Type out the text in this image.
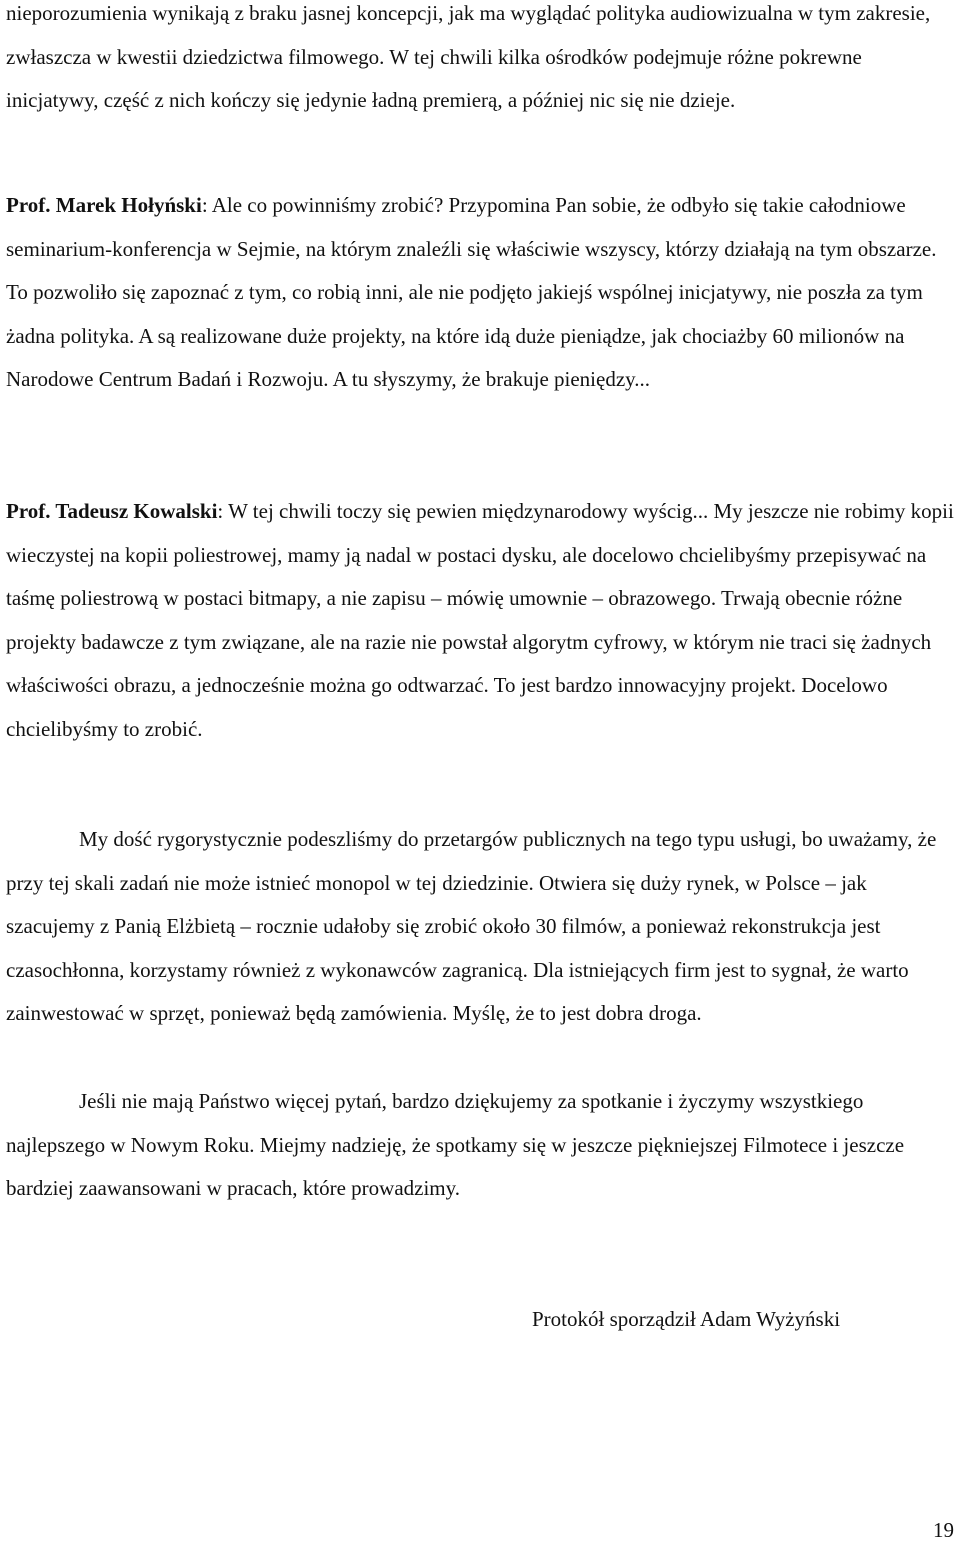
nieporozumienia wynikają z braku jasnej koncepcji, jak ma wyglądać polityka audiowizualna w tym zakresie, zwłaszcza w kwestii dziedzictwa filmowego. W tej chwili kilka ośrodków podejmuje różne pokrewne inicjatywy, część z nich kończy się jedynie ładną premierą, a później nic się nie dzieje.

Prof. Marek Hołyński: Ale co powinniśmy zrobić? Przypomina Pan sobie, że odbyło się takie całodniowe seminarium-konferencja w Sejmie, na którym znaleźli się właściwie wszyscy, którzy działają na tym obszarze. To pozwoliło się zapoznać z tym, co robią inni, ale nie podjęto jakiejś wspólnej inicjatywy, nie poszła za tym żadna polityka. A są realizowane duże projekty, na które idą duże pieniądze, jak chociażby 60 milionów na Narodowe Centrum Badań i Rozwoju. A tu słyszymy, że brakuje pieniędzy...

Prof. Tadeusz Kowalski: W tej chwili toczy się pewien międzynarodowy wyścig... My jeszcze nie robimy kopii wieczystej na kopii poliestrowej, mamy ją nadal w postaci dysku, ale docelowo chcielibyśmy przepisywać na taśmę poliestrową w postaci bitmapy, a nie zapisu – mówię umownie – obrazowego. Trwają obecnie różne projekty badawcze z tym związane, ale na razie nie powstał algorytm cyfrowy, w którym nie traci się żadnych właściwości obrazu, a jednocześnie można go odtwarzać. To jest bardzo innowacyjny projekt. Docelowo chcielibyśmy to zrobić.

My dość rygorystycznie podeszliśmy do przetargów publicznych na tego typu usługi, bo uważamy, że przy tej skali zadań nie może istnieć monopol w tej dziedzinie. Otwiera się duży rynek, w Polsce – jak szacujemy z Panią Elżbietą – rocznie udałoby się zrobić około 30 filmów, a ponieważ rekonstrukcja jest czasochłonna, korzystamy również z wykonawców zagranicą. Dla istniejących firm jest to sygnał, że warto zainwestować w sprzęt, ponieważ będą zamówienia. Myślę, że to jest dobra droga.

Jeśli nie mają Państwo więcej pytań, bardzo dziękujemy za spotkanie i życzymy wszystkiego najlepszego w Nowym Roku. Miejmy nadzieję, że spotkamy się w jeszcze piękniejszej Filmotece i jeszcze bardziej zaawansowani w pracach, które prowadzimy.

Protokół sporządził Adam Wyżyński
19
